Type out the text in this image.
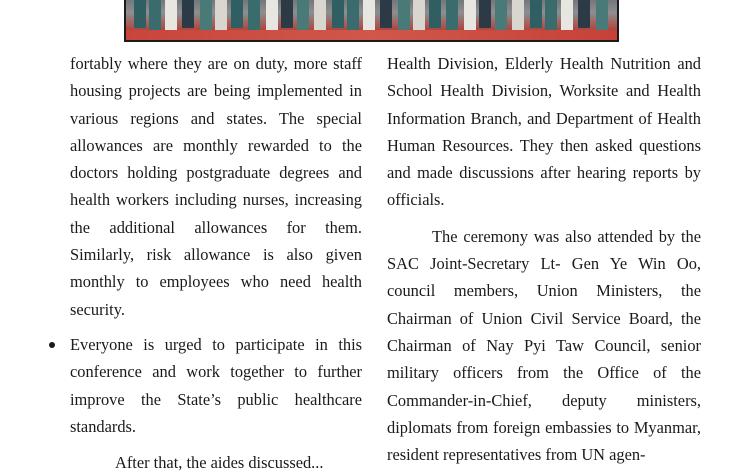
fortably where they are on duty, more staff housing projects are being implemented in various regions and states. The special allowances are monthly rewarded to the doctors holding postgraduate degrees and health workers including nurses, increasing the additional allowances for them. Similarly, risk allowance is also given monthly to employees who need health security.

Everyone is urged to participate in this conference and work together to further improve the State’s public healthcare standards.

After that, the aides discussed...

Health Division, Elderly Health Nutrition and School Health Division, Worksite and Health Information Branch, and Department of Health Human Resources. They then asked questions and made discussions after hearing reports by officials.

The ceremony was also attended by the SAC Joint-Secretary Lt- Gen Ye Win Oo, council members, Union Ministers, the Chairman of Union Civil Service Board, the Chairman of Nay Pyi Taw Council, senior military officers from the Office of the Commander-in-Chief, deputy ministers, diplomats from foreign embassies to Myanmar, resident representatives from UN agen-
